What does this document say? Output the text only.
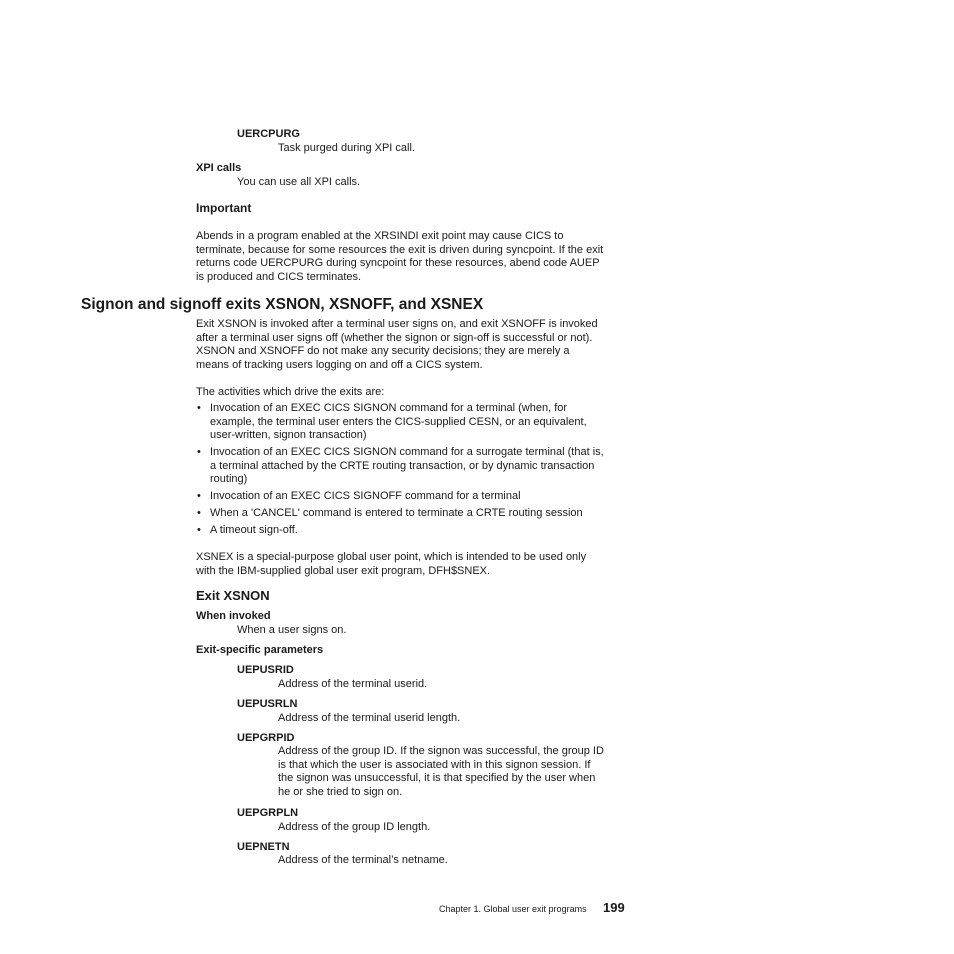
UERCPURG
Task purged during XPI call.
XPI calls
You can use all XPI calls.
Important
Abends in a program enabled at the XRSINDI exit point may cause CICS to
terminate, because for some resources the exit is driven during syncpoint. If the exit
returns code UERCPURG during syncpoint for these resources, abend code AUEP
is produced and CICS terminates.
Signon and signoff exits XSNON, XSNOFF, and XSNEX
Exit XSNON is invoked after a terminal user signs on, and exit XSNOFF is invoked
after a terminal user signs off (whether the signon or sign-off is successful or not).
XSNON and XSNOFF do not make any security decisions; they are merely a
means of tracking users logging on and off a CICS system.
The activities which drive the exits are:
• Invocation of an EXEC CICS SIGNON command for a terminal (when, for
example, the terminal user enters the CICS-supplied CESN, or an equivalent,
user-written, signon transaction)
• Invocation of an EXEC CICS SIGNON command for a surrogate terminal (that is,
a terminal attached by the CRTE routing transaction, or by dynamic transaction
routing)
• Invocation of an EXEC CICS SIGNOFF command for a terminal
• When a 'CANCEL' command is entered to terminate a CRTE routing session
• A timeout sign-off.
XSNEX is a special-purpose global user point, which is intended to be used only
with the IBM-supplied global user exit program, DFH$SNEX.
Exit XSNON
When invoked
When a user signs on.
Exit-specific parameters
UEPUSRID
Address of the terminal userid.
UEPUSRLN
Address of the terminal userid length.
UEPGRPID
Address of the group ID. If the signon was successful, the group ID
is that which the user is associated with in this signon session. If
the signon was unsuccessful, it is that specified by the user when
he or she tried to sign on.
UEPGRPLN
Address of the group ID length.
UEPNETN
Address of the terminal’s netname.
Chapter 1. Global user exit programs 199
